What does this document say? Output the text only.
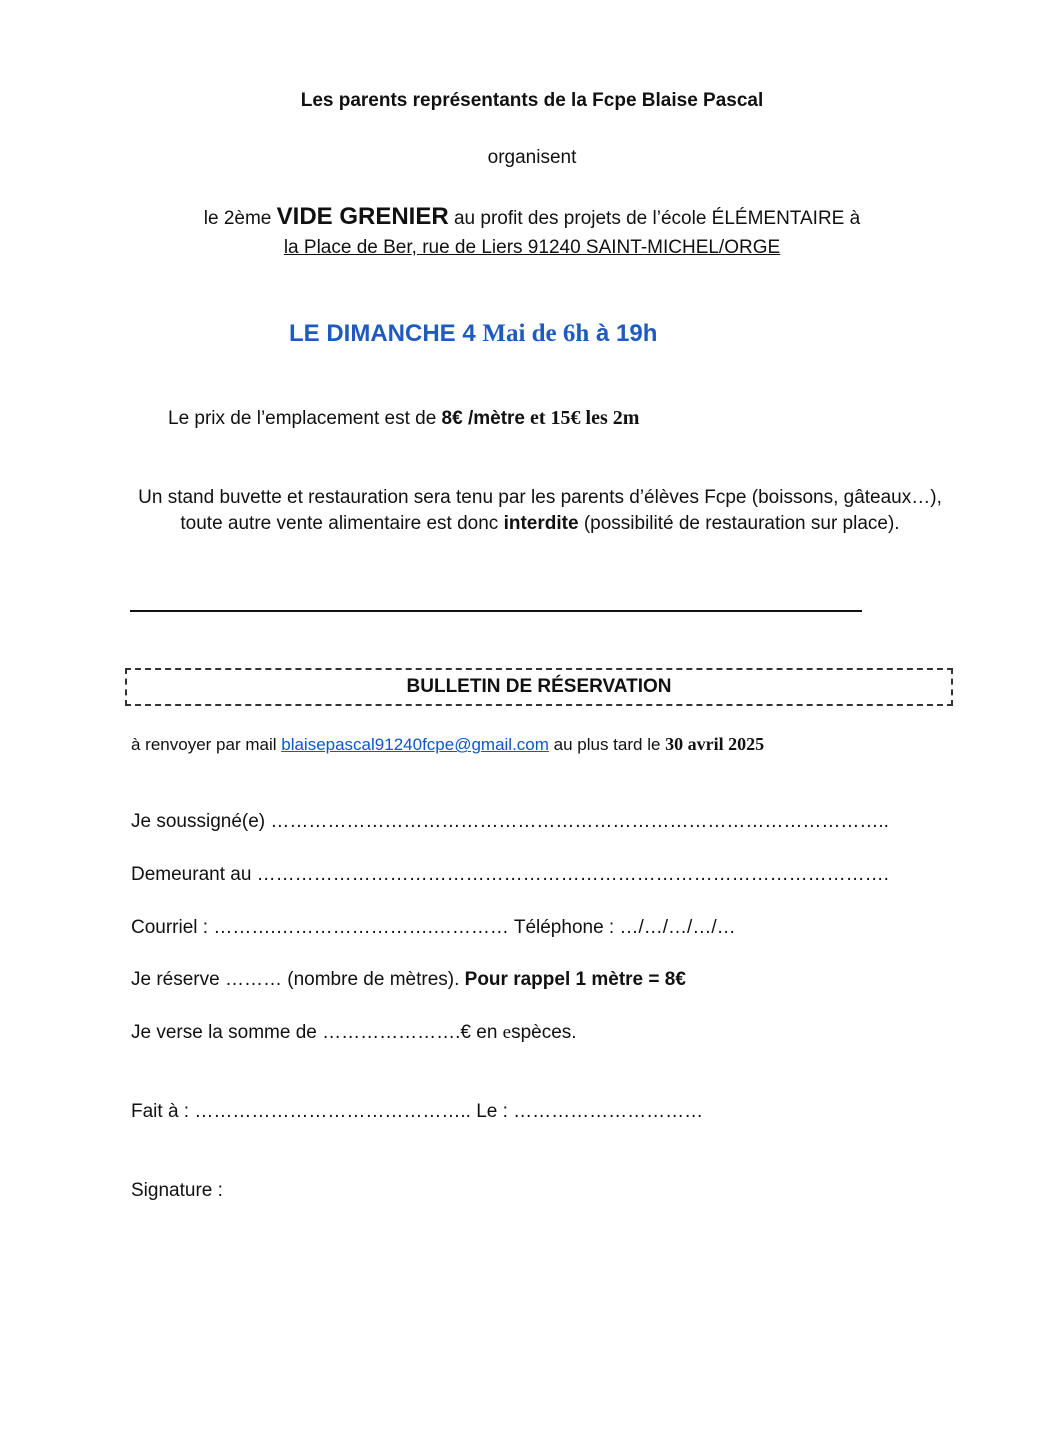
Les parents représentants de la Fcpe Blaise Pascal
organisent
le 2ème VIDE GRENIER au profit des projets de l’école ÉLÉMENTAIRE à
la Place de Ber, rue de Liers 91240 SAINT-MICHEL/ORGE
LE DIMANCHE 4 Mai de 6h à 19h
Le prix de l’emplacement est de 8€ /mètre et 15€ les 2m
Un stand buvette et restauration sera tenu par les parents d’élèves Fcpe (boissons, gâteaux…), toute autre vente alimentaire est donc interdite (possibilité de restauration sur place).
BULLETIN DE RÉSERVATION
à renvoyer par mail blaisepascal91240fcpe@gmail.com au plus tard le 30 avril 2025
Je soussigné(e) ……………………………………………………………………………………..
Demeurant au ……………………………………………………………………………………….
Courriel : ……….…………………….………… Téléphone : …/…/…/…/…
Je réserve ……… (nombre de mètres). Pour rappel 1 mètre = 8€
Je verse la somme de ………………….€ en espèces.
Fait à : …………………………………….. Le : …………………………
Signature :
